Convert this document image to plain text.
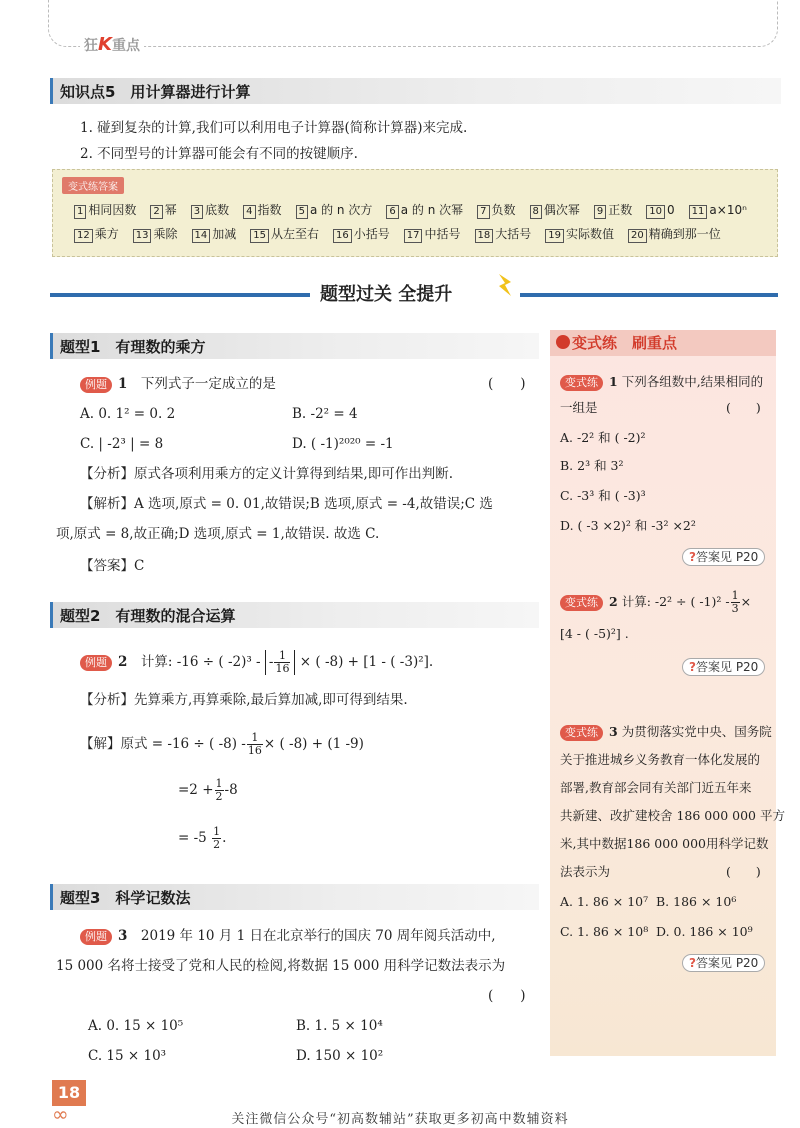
狂K重点
知识点5　用计算器进行计算
1. 碰到复杂的计算,我们可以利用电子计算器(简称计算器)来完成.
2. 不同型号的计算器可能会有不同的按键顺序.
变式练答案
1 相同因数 2 幂 3 底数 4 指数 5 a 的 n 次方 6 a 的 n 次幂 7 负数 8 偶次幂 9 正数 10 0 11 a×10ⁿ
12 乘方 13 乘除 14 加减 15 从左至右 16 小括号 17 中括号 18 大括号 19 实际数值 20 精确到那一位
题型过关 全提升
题型1　有理数的乘方
例题 1　 下列式子一定成立的是	(　　)
A. 0. 1² = 0. 2	B. -2² = 4
C. | -2³ | = 8	D. ( -1)²⁰²⁰ = -1
【分析】原式各项利用乘方的定义计算得到结果,即可作出判断.
【解析】A 选项,原式 = 0. 01,故错误;B 选项,原式 = -4,故错误;C 选
项,原式 = 8,故正确;D 选项,原式 = 1,故错误. 故选 C.
【答案】C
题型2　有理数的混合运算
例题 2　 计算: -16 ÷ ( -2)³ - - $\frac{1}{16}$ × ( -8) + [1 - ( -3)²].
【分析】先算乘方,再算乘除,最后算加减,即可得到结果.
【解】原式 = -16 ÷ ( $-8) - \frac{1}{16}$ × ( -8) + (1 -9)
$=2 + \frac{1}{2} -8$
= $-5 \frac{1}{2}$ .
题型3　科学记数法
例题 3　 2019 年 10 月 1 日在北京举行的国庆 70 周年阅兵活动中,
15 000 名将士接受了党和人民的检阅,将数据 15 000 用科学记数法表示为
(　　)
A. 0. 15 × 10⁵	B. 1. 5 × 10⁴
C. 15 × 10³	D. 150 × 10²
变式练　刷重点
变式练 1 下列各组数中,结果相同的
一组是	(　　)
A. -2² 和 ( -2)²
B. 2³ 和 3²
C. -3³ 和 ( -3)³
D. ( -3 ×2)² 和 -3² ×2²
?答案见 P20
变式练 2 计算: -2² ÷ ( $-1)^2 - \frac{1}{3}$ ×
[4 - ( -5)²] .
?答案见 P20
变式练 3 为贯彻落实党中央、国务院
关于推进城乡义务教育一体化发展的
部署,教育部会同有关部门近五年来
共新建、改扩建校舍 186 000 000 平方
米,其中数据186 000 000用科学记数
法表示为	(　　)
A. 1. 86 × 10⁷ B. 186 × 10⁶
C. 1. 86 × 10⁸ D. 0. 186 × 10⁹
?答案见 P20
18
∞	关注微信公众号“初高数辅站”获取更多初高中数辅资料
